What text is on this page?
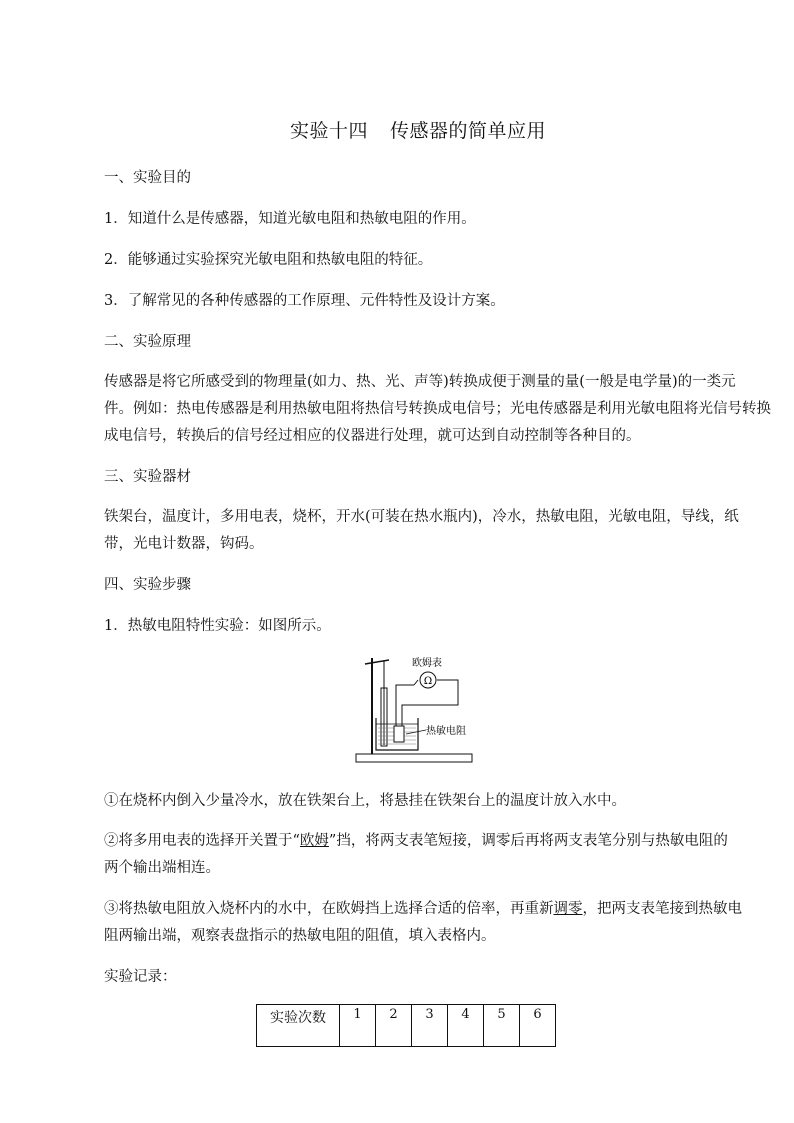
实验十四 传感器的简单应用
一、实验目的
1．知道什么是传感器，知道光敏电阻和热敏电阻的作用。
2．能够通过实验探究光敏电阻和热敏电阻的特征。
3．了解常见的各种传感器的工作原理、元件特性及设计方案。
二、实验原理
传感器是将它所感受到的物理量(如力、热、光、声等)转换成便于测量的量(一般是电学量)的一类元
件。例如：热电传感器是利用热敏电阻将热信号转换成电信号；光电传感器是利用光敏电阻将光信号转换
成电信号，转换后的信号经过相应的仪器进行处理，就可达到自动控制等各种目的。
三、实验器材
铁架台，温度计，多用电表，烧杯，开水(可装在热水瓶内)，冷水，热敏电阻，光敏电阻，导线，纸
带，光电计数器，钩码。
四、实验步骤
1．热敏电阻特性实验：如图所示。
Ω
欧姆表
热敏电阻
①在烧杯内倒入少量冷水，放在铁架台上，将悬挂在铁架台上的温度计放入水中。
②将多用电表的选择开关置于“欧姆”挡，将两支表笔短接，调零后再将两支表笔分别与热敏电阻的
两个输出端相连。
③将热敏电阻放入烧杯内的水中，在欧姆挡上选择合适的倍率，再重新调零，把两支表笔接到热敏电
阻两输出端，观察表盘指示的热敏电阻的阻值，填入表格内。
实验记录：
实验次数	1	2	3	4	5	6
